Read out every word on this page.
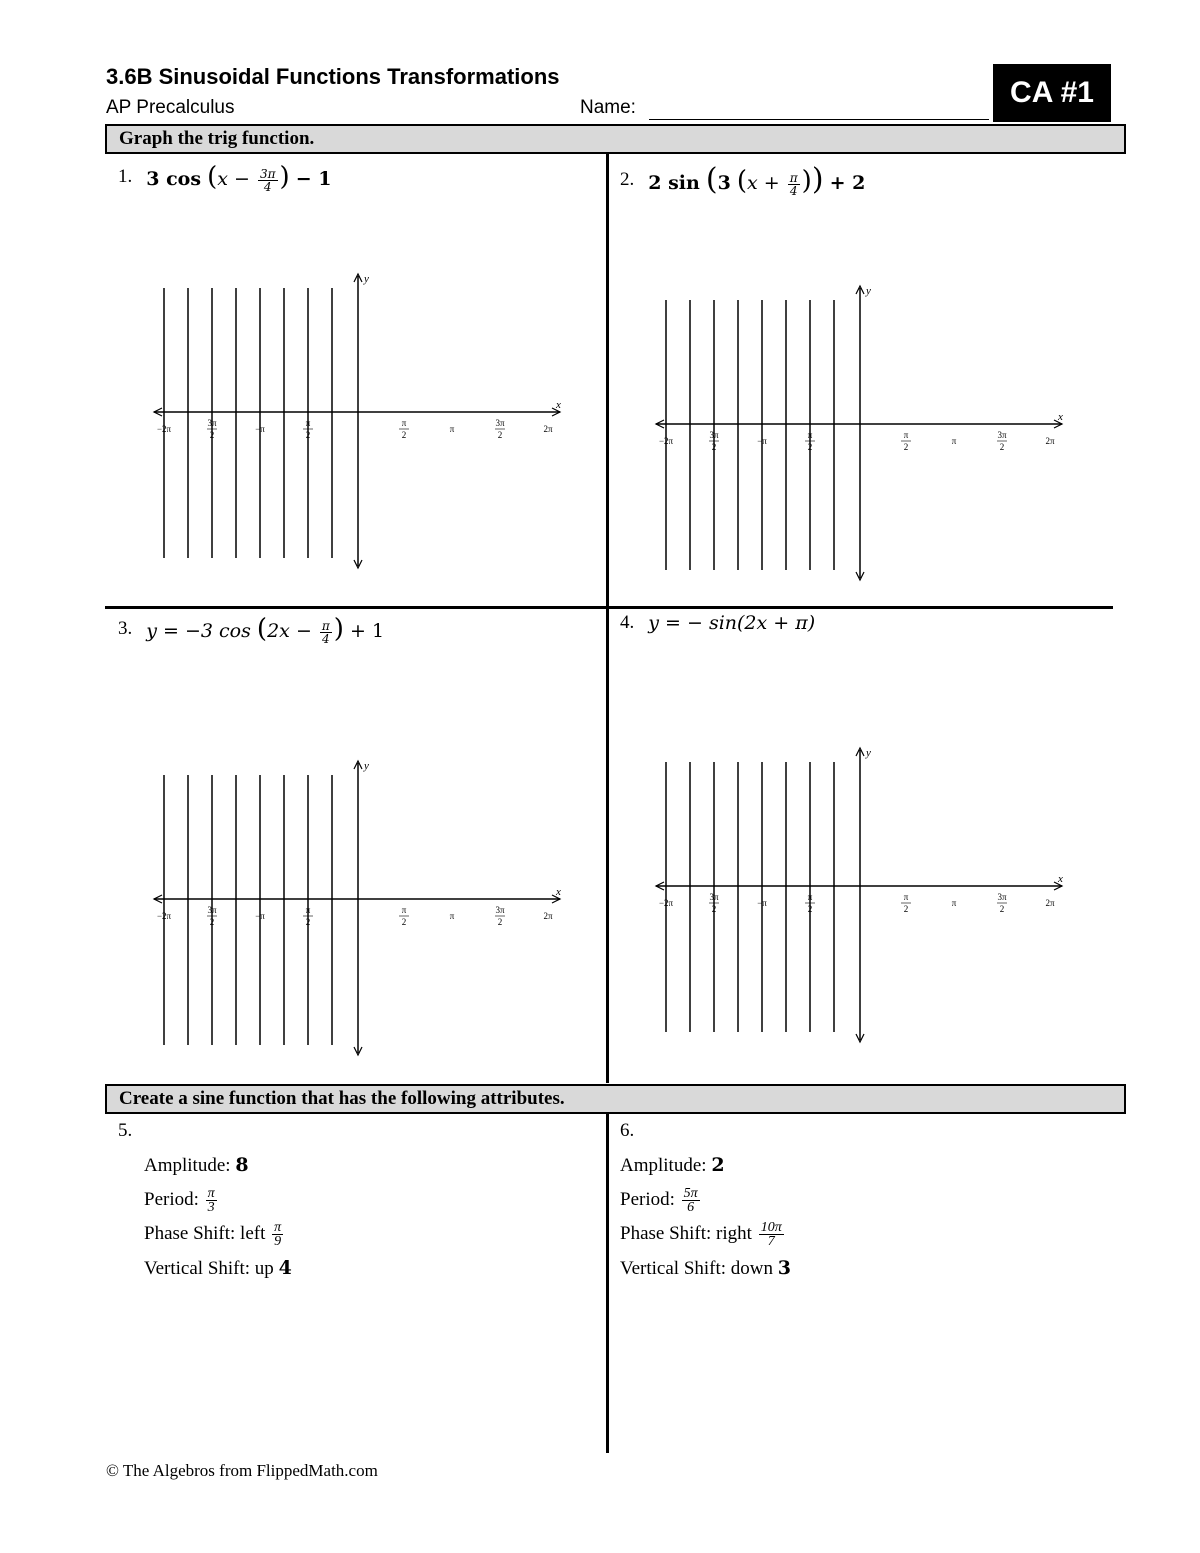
3.6B Sinusoidal Functions Transformations
AP Precalculus	Name:	CA #1
Graph the trig function.
1. 3 $\cos (x - \frac{3\pi}{4}$ ) − 1	2. 2 sin (3 ($x + \frac{\pi}{4}$ )) + 2
3. y = −3 $\cos (2x - \frac{\pi}{4}$ ) + 1	4. y = − sin(2x + π)
y
x
−2π
3π
2
−π
π
2
π
2
π
3π
2
2π
y
x
−2π
3π
2
−π
π
2
π
2
π
3π
2
2π
y
x
−2π
3π
2
−π
π
2
π
2
π
3π
2
2π
y
x
−2π
3π
2
−π
π
2
π
2
π
3π
2
2π
Create a sine function that has the following attributes.
5.
Amplitude: 8
Period: $\frac{\pi}{3}$
Phase Shift: left $\frac{\pi}{9}$
Vertical Shift: up 4
6.
Amplitude: 2
Period: $\frac{5\pi}{6}$
Phase Shift: right $\frac{10\pi}{7}$
Vertical Shift: down 3
© The Algebros from FlippedMath.com
